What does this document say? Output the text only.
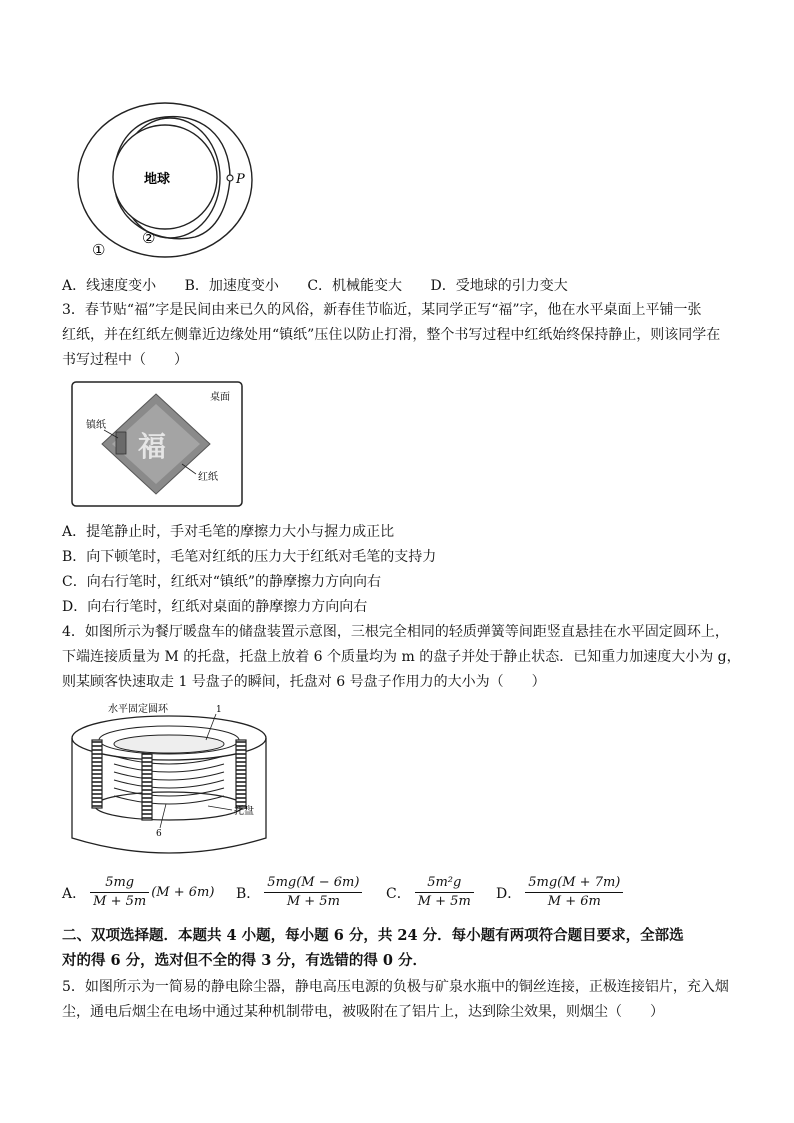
地球	P
①
②
A．线速度变小 B．加速度变小 C．机械能变大 D．受地球的引力变大
3．春节贴“福”字是民间由来已久的风俗，新春佳节临近，某同学正写“福”字，他在水平桌面上平铺一张
红纸，并在红纸左侧靠近边缘处用“镇纸”压住以防止打滑，整个书写过程中红纸始终保持静止，则该同学在
书写过程中（　　）
桌面
福
镇纸
红纸
A．提笔静止时，手对毛笔的摩擦力大小与握力成正比
B．向下顿笔时，毛笔对红纸的压力大于红纸对毛笔的支持力
C．向右行笔时，红纸对“镇纸”的静摩擦力方向向右
D．向右行笔时，红纸对桌面的静摩擦力方向向右
4．如图所示为餐厅暖盘车的储盘装置示意图，三根完全相同的轻质弹簧等间距竖直悬挂在水平固定圆环上，
下端连接质量为 M 的托盘，托盘上放着 6 个质量均为 m 的盘子并处于静止状态．已知重力加速度大小为 g，
则某顾客快速取走 1 号盘子的瞬间，托盘对 6 号盘子作用力的大小为（　　）
水平固定圆环	1
6
托盘
A． $\frac{5mg}{M + 5m} (M + 6m)$ B． $\frac{5mg(M - 6m)}{M + 5m}$ C． $\frac{\text{5m²g}}{M + 5m}$ D． $\frac{5mg(M + 7m)}{M + 6m}$
二、双项选择题．本题共 4 小题，每小题 6 分，共 24 分．每小题有两项符合题目要求，全部选
对的得 6 分，选对但不全的得 3 分，有选错的得 0 分．
5．如图所示为一简易的静电除尘器，静电高压电源的负极与矿泉水瓶中的铜丝连接，正极连接铝片，充入烟
尘，通电后烟尘在电场中通过某种机制带电，被吸附在了铝片上，达到除尘效果，则烟尘（　　）
